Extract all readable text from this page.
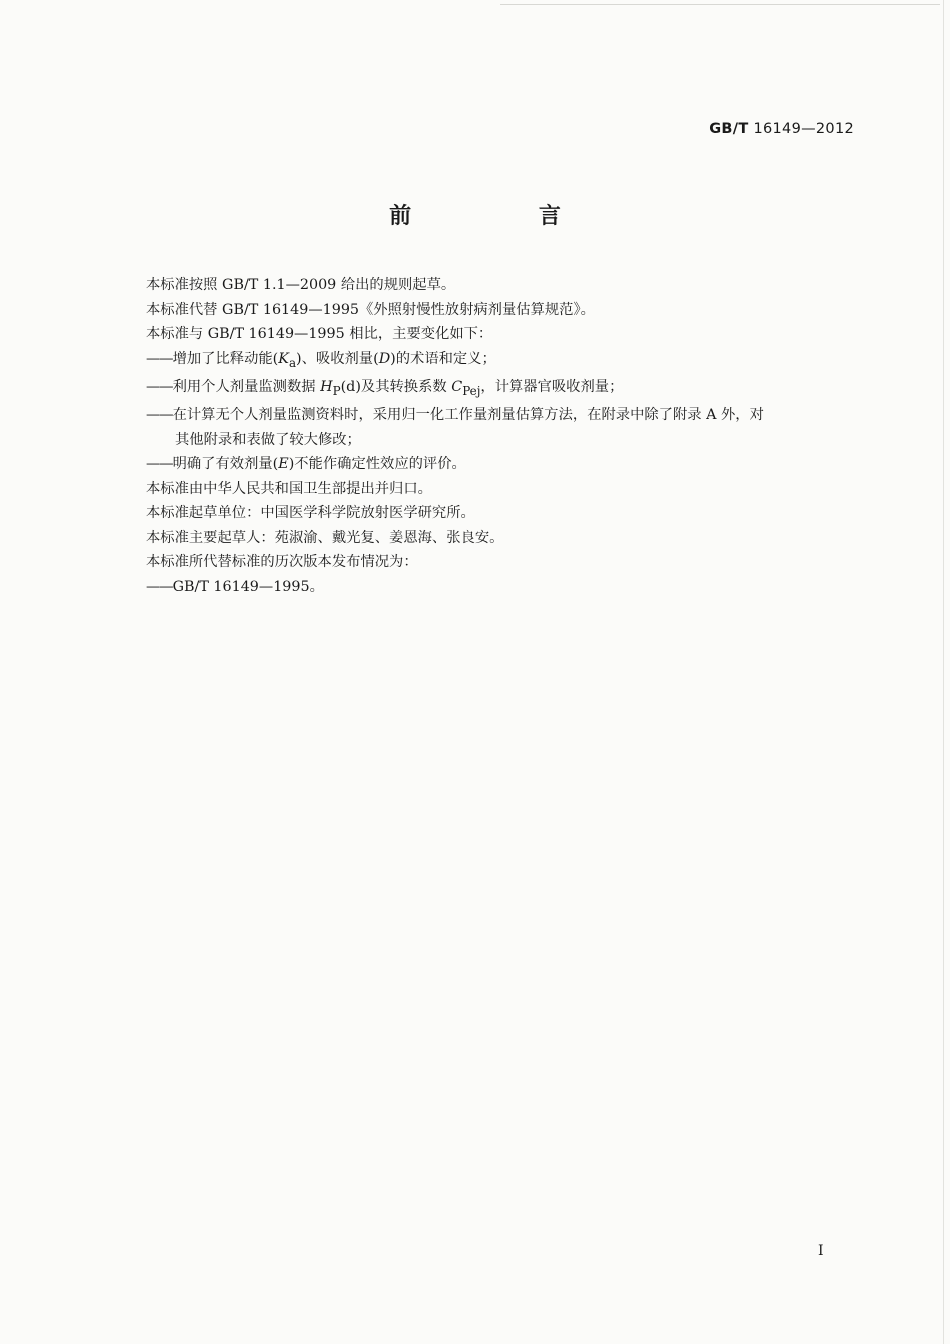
GB/T 16149—2012
前 言
本标准按照 GB/T 1.1—2009 给出的规则起草。
本标准代替 GB/T 16149—1995《外照射慢性放射病剂量估算规范》。
本标准与 GB/T 16149—1995 相比，主要变化如下：
——增加了比释动能$(K_a)$、吸收剂量(D)的术语和定义；
——利用个人剂量监测数据 $H_P(d)$及其转换系数 $C_{Pej}$，计算器官吸收剂量；
——在计算无个人剂量监测资料时，采用归一化工作量剂量估算方法，在附录中除了附录 A 外，对
其他附录和表做了较大修改；
——明确了有效剂量(E)不能作确定性效应的评价。
本标准由中华人民共和国卫生部提出并归口。
本标准起草单位：中国医学科学院放射医学研究所。
本标准主要起草人：苑淑渝、戴光复、姜恩海、张良安。
本标准所代替标准的历次版本发布情况为：
——GB/T 16149—1995。
I
